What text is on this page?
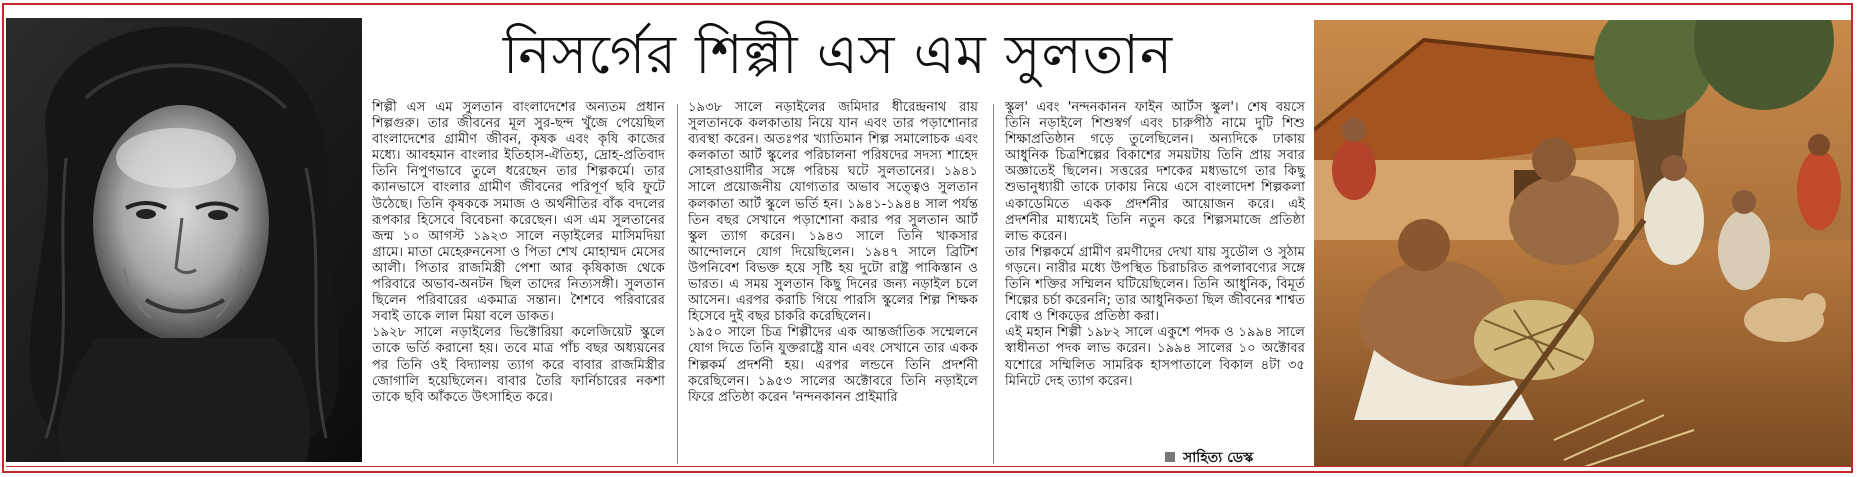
নিসর্গের শিল্পী এস এম সুলতান

শিল্পী এস এম সুলতান বাংলাদেশের অন্যতম প্রধান শিল্পগুরু। তার জীবনের মূল সুর-ছন্দ খুঁজে পেয়েছিল বাংলাদেশের গ্রামীণ জীবন, কৃষক এবং কৃষি কাজের মধ্যে। আবহমান বাংলার ইতিহাস-ঐতিহ্য, দ্রোহ-প্রতিবাদ তিনি নিপুণভাবে তুলে ধরেছেন তার শিল্পকর্মে। তার ক্যানভাসে বাংলার গ্রামীণ জীবনের পরিপূর্ণ ছবি ফুটে উঠেছে। তিনি কৃষককে সমাজ ও অর্থনীতির বাঁক বদলের রূপকার হিসেবে বিবেচনা করেছেন। এস এম সুলতানের জন্ম ১০ আগস্ট ১৯২৩ সালে নড়াইলের মাসিমদিয়া গ্রামে। মাতা মেহেরুননেসা ও পিতা শেখ মোহাম্মদ মেসের আলী। পিতার রাজমিস্ত্রী পেশা আর কৃষিকাজ থেকে পরিবারে অভাব-অনটন ছিল তাদের নিত্যসঙ্গী। সুলতান ছিলেন পরিবারের একমাত্র সন্তান। শৈশবে পরিবারের সবাই তাকে লাল মিয়া বলে ডাকত।

১৯২৮ সালে নড়াইলের ভিক্টোরিয়া কলেজিয়েট স্কুলে তাকে ভর্তি করানো হয়। তবে মাত্র পাঁচ বছর অধ্যয়নের পর তিনি ওই বিদ্যালয় ত্যাগ করে বাবার রাজমিস্ত্রীর জোগালি হয়েছিলেন। বাবার তৈরি ফার্নিচারের নকশা তাকে ছবি আঁকতে উৎসাহিত করে।

১৯৩৮ সালে নড়াইলের জমিদার ধীরেন্দ্রনাথ রায় সুলতানকে কলকাতায় নিয়ে যান এবং তার পড়াশোনার ব্যবস্থা করেন। অতঃপর খ্যাতিমান শিল্প সমালোচক এবং কলকাতা আর্ট স্কুলের পরিচালনা পরিষদের সদস্য শাহেদ সোহরাওয়ার্দীর সঙ্গে পরিচয় ঘটে সুলতানের। ১৯৪১ সালে প্রয়োজনীয় যোগ্যতার অভাব সত্ত্বেও সুলতান কলকাতা আর্ট স্কুলে ভর্তি হন। ১৯৪১-১৯৪৪ সাল পর্যন্ত তিন বছর সেখানে পড়াশোনা করার পর সুলতান আর্ট স্কুল ত্যাগ করেন। ১৯৪৩ সালে তিনি খাকসার আন্দোলনে যোগ দিয়েছিলেন। ১৯৪৭ সালে ব্রিটিশ উপনিবেশ বিভক্ত হয়ে সৃষ্টি হয় দুটো রাষ্ট্র পাকিস্তান ও ভারত। এ সময় সুলতান কিছু দিনের জন্য নড়াইল চলে আসেন। এরপর করাচি গিয়ে পারসি স্কুলের শিল্প শিক্ষক হিসেবে দুই বছর চাকরি করেছিলেন।

১৯৫০ সালে চিত্র শিল্পীদের এক আন্তর্জাতিক সম্মেলনে যোগ দিতে তিনি যুক্তরাষ্ট্রে যান এবং সেখানে তার একক শিল্পকর্ম প্রদর্শনী হয়। এরপর লন্ডনে তিনি প্রদর্শনী করেছিলেন। ১৯৫৩ সালের অক্টোবরে তিনি নড়াইলে ফিরে প্রতিষ্ঠা করেন 'নন্দনকানন প্রাইমারি

স্কুল' এবং 'নন্দনকানন ফাইন আর্টস স্কুল'। শেষ বয়সে তিনি নড়াইলে শিশুস্বর্গ এবং চারুপীঠ নামে দুটি শিশু শিক্ষাপ্রতিষ্ঠান গড়ে তুলেছিলেন। অন্যদিকে ঢাকায় আধুনিক চিত্রশিল্পের বিকাশের সময়টায় তিনি প্রায় সবার অজ্ঞাতেই ছিলেন। সত্তরের দশকের মধ্যভাগে তার কিছু শুভানুধ্যায়ী তাকে ঢাকায় নিয়ে এসে বাংলাদেশ শিল্পকলা একাডেমিতে একক প্রদর্শনীর আয়োজন করে। এই প্রদর্শনীর মাধ্যমেই তিনি নতুন করে শিল্পসমাজে প্রতিষ্ঠা লাভ করেন।

তার শিল্পকর্মে গ্রামীণ রমণীদের দেখা যায় সুডৌল ও সুঠাম গড়নে। নারীর মধ্যে উপস্থিত চিরাচরিত রূপলাবণ্যের সঙ্গে তিনি শক্তির সম্মিলন ঘটিয়েছিলেন। তিনি আধুনিক, বিমূর্ত শিল্পের চর্চা করেননি; তার আধুনিকতা ছিল জীবনের শাশ্বত বোধ ও শিকড়ের প্রতিষ্ঠা করা।

এই মহান শিল্পী ১৯৮২ সালে একুশে পদক ও ১৯৯৪ সালে স্বাধীনতা পদক লাভ করেন। ১৯৯৪ সালের ১০ অক্টোবর যশোরে সম্মিলিত সামরিক হাসপাতালে বিকাল ৪টা ৩৫ মিনিটে দেহ ত্যাগ করেন।

সাহিত্য ডেস্ক
